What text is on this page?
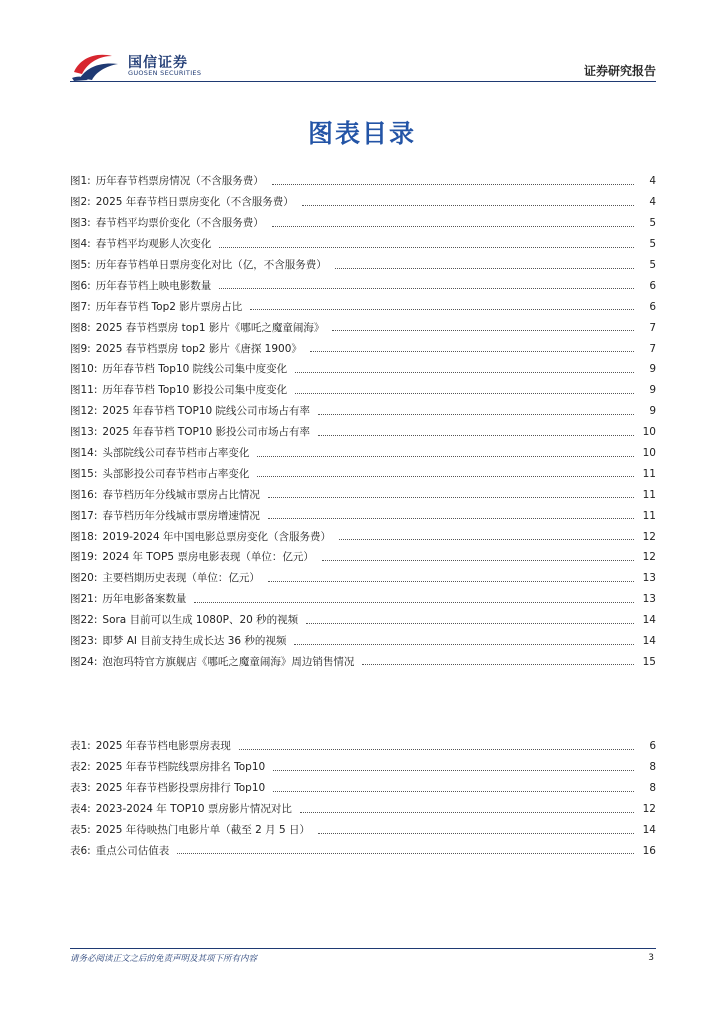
国信证券
GUOSEN SECURITIES	证券研究报告
图表目录
图1: 历年春节档票房情况（不含服务费）	4
图2: 2025 年春节档日票房变化（不含服务费）	4
图3: 春节档平均票价变化（不含服务费）	5
图4: 春节档平均观影人次变化	5
图5: 历年春节档单日票房变化对比（亿，不含服务费）	5
图6: 历年春节档上映电影数量	6
图7: 历年春节档 Top2 影片票房占比	6
图8: 2025 春节档票房 top1 影片《哪吒之魔童闹海》	7
图9: 2025 春节档票房 top2 影片《唐探 1900》	7
图10: 历年春节档 Top10 院线公司集中度变化	9
图11: 历年春节档 Top10 影投公司集中度变化	9
图12: 2025 年春节档 TOP10 院线公司市场占有率	9
图13: 2025 年春节档 TOP10 影投公司市场占有率	10
图14: 头部院线公司春节档市占率变化	10
图15: 头部影投公司春节档市占率变化	11
图16: 春节档历年分线城市票房占比情况	11
图17: 春节档历年分线城市票房增速情况	11
图18: 2019-2024 年中国电影总票房变化（含服务费）	12
图19: 2024 年 TOP5 票房电影表现（单位：亿元）	12
图20: 主要档期历史表现（单位：亿元）	13
图21: 历年电影备案数量	13
图22: Sora 目前可以生成 1080P、20 秒的视频	14
图23: 即梦 AI 目前支持生成长达 36 秒的视频	14
图24: 泡泡玛特官方旗舰店《哪吒之魔童闹海》周边销售情况	15
表1: 2025 年春节档电影票房表现	6
表2: 2025 年春节档院线票房排名 Top10	8
表3: 2025 年春节档影投票房排行 Top10	8
表4: 2023-2024 年 TOP10 票房影片情况对比	12
表5: 2025 年待映热门电影片单（截至 2 月 5 日）	14
表6: 重点公司估值表	16
请务必阅读正文之后的免责声明及其项下所有内容	3
